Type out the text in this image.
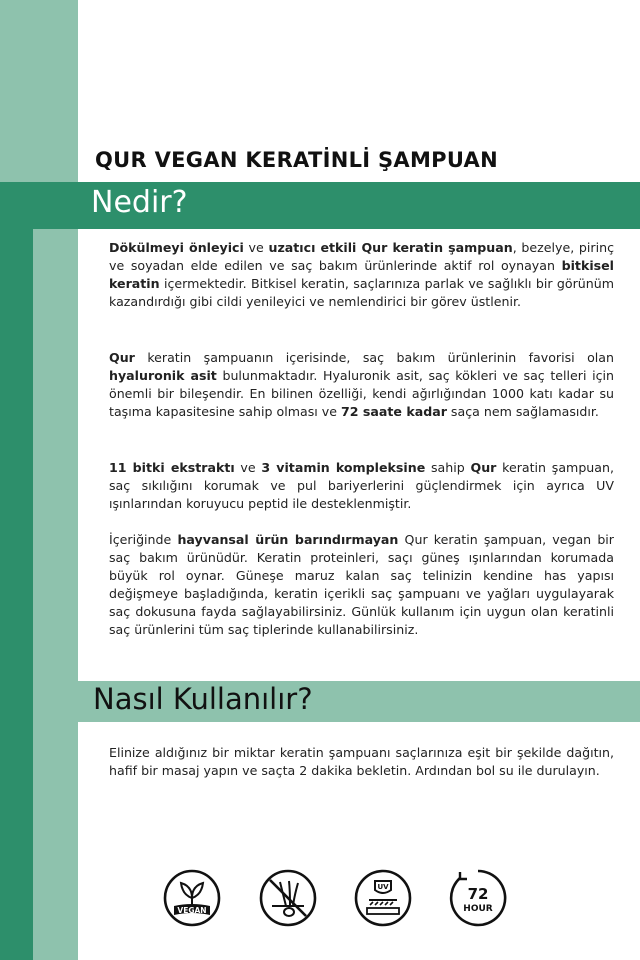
QUR VEGAN KERATİNLİ ŞAMPUAN
Nedir?
Dökülmeyi önleyici ve uzatıcı etkili Qur keratin şampuan, bezelye, pirinç ve soyadan elde edilen ve saç bakım ürünlerinde aktif rol oynayan bitkisel keratin içermektedir. Bitkisel keratin, saçlarınıza parlak ve sağlıklı bir görünüm kazandırdığı gibi cildi yenileyici ve nemlendirici bir görev üstlenir.
Qur keratin şampuanın içerisinde, saç bakım ürünlerinin favorisi olan hyaluronik asit bulunmaktadır. Hyaluronik asit, saç kökleri ve saç telleri için önemli bir bileşendir. En bilinen özelliği, kendi ağırlığından 1000 katı kadar su taşıma kapasitesine sahip olması ve 72 saate kadar saça nem sağlamasıdır.
11 bitki ekstraktı ve 3 vitamin kompleksine sahip Qur keratin şampuan, saç sıkılığını korumak ve pul bariyerlerini güçlendirmek için ayrıca UV ışınlarından koruyucu peptid ile desteklenmiştir.
İçeriğinde hayvansal ürün barındırmayan Qur keratin şampuan, vegan bir saç bakım ürünüdür. Keratin proteinleri, saçı güneş ışınlarından korumada büyük rol oynar. Güneşe maruz kalan saç telinizin kendine has yapısı değişmeye başladığında, keratin içerikli saç şampuanı ve yağları uygulayarak saç dokusuna fayda sağlayabilirsiniz. Günlük kullanım için uygun olan keratinli saç ürünlerini tüm saç tiplerinde kullanabilirsiniz.
Nasıl Kullanılır?
Elinize aldığınız bir miktar keratin şampuanı saçlarınıza eşit bir şekilde dağıtın, hafif bir masaj yapın ve saçta 2 dakika bekletin. Ardından bol su ile durulayın.
VEGAN
UV	72
HOUR
